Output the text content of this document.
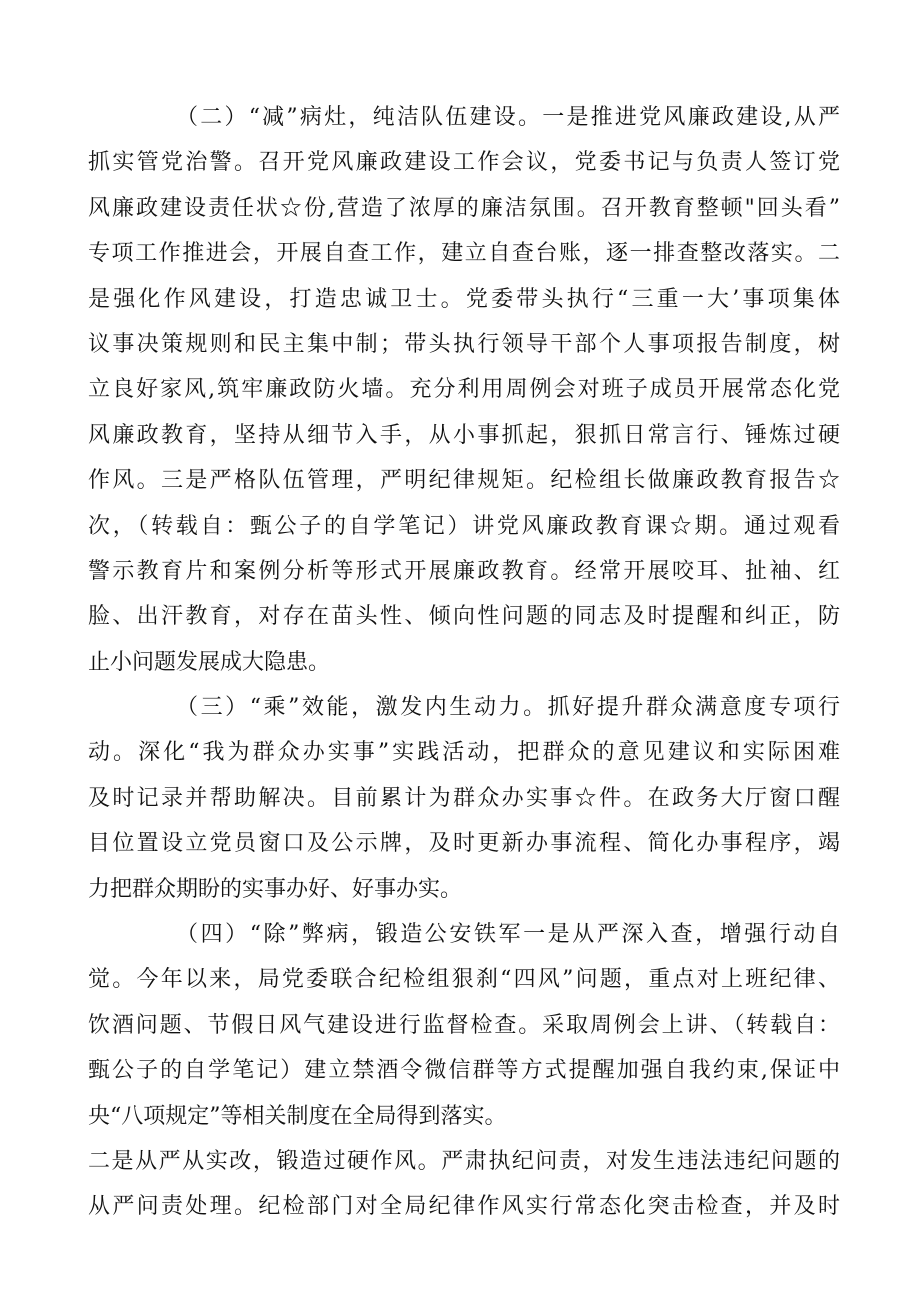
（二）“减”病灶，纯洁队伍建设。一是推进党风廉政建设,从严
抓实管党治警。召开党风廉政建设工作会议，党委书记与负责人签订党
风廉政建设责任状☆份,营造了浓厚的廉洁氛围。召开教育整顿"回头看”
专项工作推进会，开展自查工作，建立自查台账，逐一排查整改落实。二
是强化作风建设，打造忠诚卫士。党委带头执行“三重一大’事项集体
议事决策规则和民主集中制；带头执行领导干部个人事项报告制度，树
立良好家风,筑牢廉政防火墙。充分利用周例会对班子成员开展常态化党
风廉政教育，坚持从细节入手，从小事抓起，狠抓日常言行、锤炼过硬
作风。三是严格队伍管理，严明纪律规矩。纪检组长做廉政教育报告☆
次，（转载自：甄公子的自学笔记）讲党风廉政教育课☆期。通过观看
警示教育片和案例分析等形式开展廉政教育。经常开展咬耳、扯袖、红
脸、出汗教育，对存在苗头性、倾向性问题的同志及时提醒和纠正，防
止小问题发展成大隐患。
（三）“乘”效能，激发内生动力。抓好提升群众满意度专项行
动。深化“我为群众办实事”实践活动，把群众的意见建议和实际困难
及时记录并帮助解决。目前累计为群众办实事☆件。在政务大厅窗口醒
目位置设立党员窗口及公示牌，及时更新办事流程、简化办事程序，竭
力把群众期盼的实事办好、好事办实。
（四）“除”弊病，锻造公安铁军一是从严深入查，增强行动自
觉。今年以来，局党委联合纪检组狠刹“四风”问题，重点对上班纪律、
饮酒问题、节假日风气建设进行监督检查。采取周例会上讲、（转载自：
甄公子的自学笔记）建立禁酒令微信群等方式提醒加强自我约束,保证中
央“八项规定”等相关制度在全局得到落实。
二是从严从实改，锻造过硬作风。严肃执纪问责，对发生违法违纪问题的
从严问责处理。纪检部门对全局纪律作风实行常态化突击检查，并及时
